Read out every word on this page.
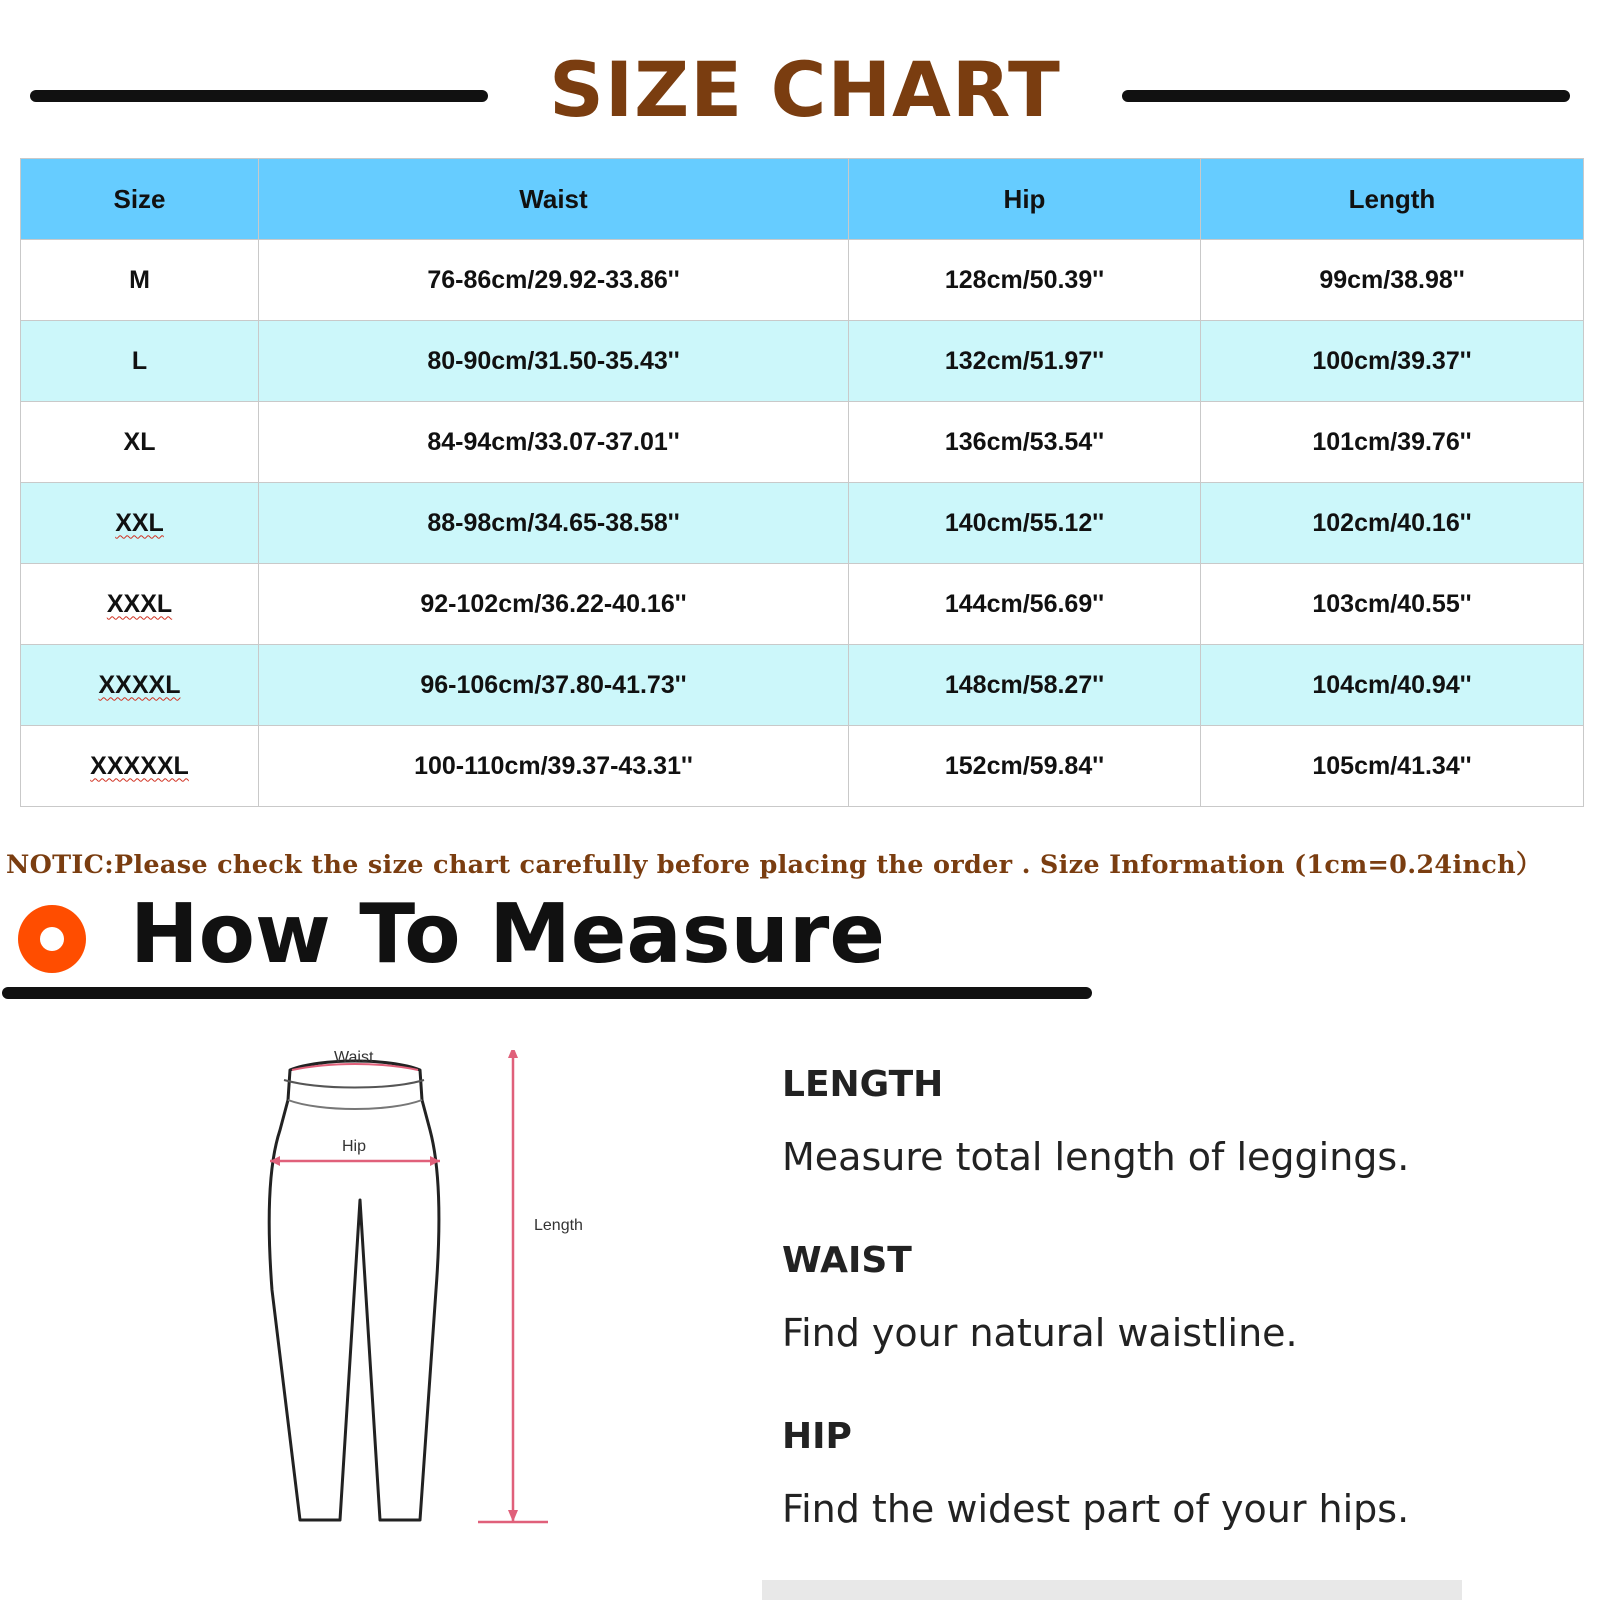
SIZE CHART
Size	Waist	Hip	Length
M	76-86cm/29.92-33.86''	128cm/50.39''	99cm/38.98''
L	80-90cm/31.50-35.43''	132cm/51.97''	100cm/39.37''
XL	84-94cm/33.07-37.01''	136cm/53.54''	101cm/39.76''
XXL	88-98cm/34.65-38.58''	140cm/55.12''	102cm/40.16''
XXXL	92-102cm/36.22-40.16''	144cm/56.69''	103cm/40.55''
XXXXL	96-106cm/37.80-41.73''	148cm/58.27''	104cm/40.94''
XXXXXL	100-110cm/39.37-43.31''	152cm/59.84''	105cm/41.34''
NOTIC:Please check the size chart carefully before placing the order . Size Information (1cm=0.24inch）
How To Measure
Waist
Hip
Length
LENGTH
Measure total length of leggings.
WAIST
Find your natural waistline.
HIP
Find the widest part of your hips.
